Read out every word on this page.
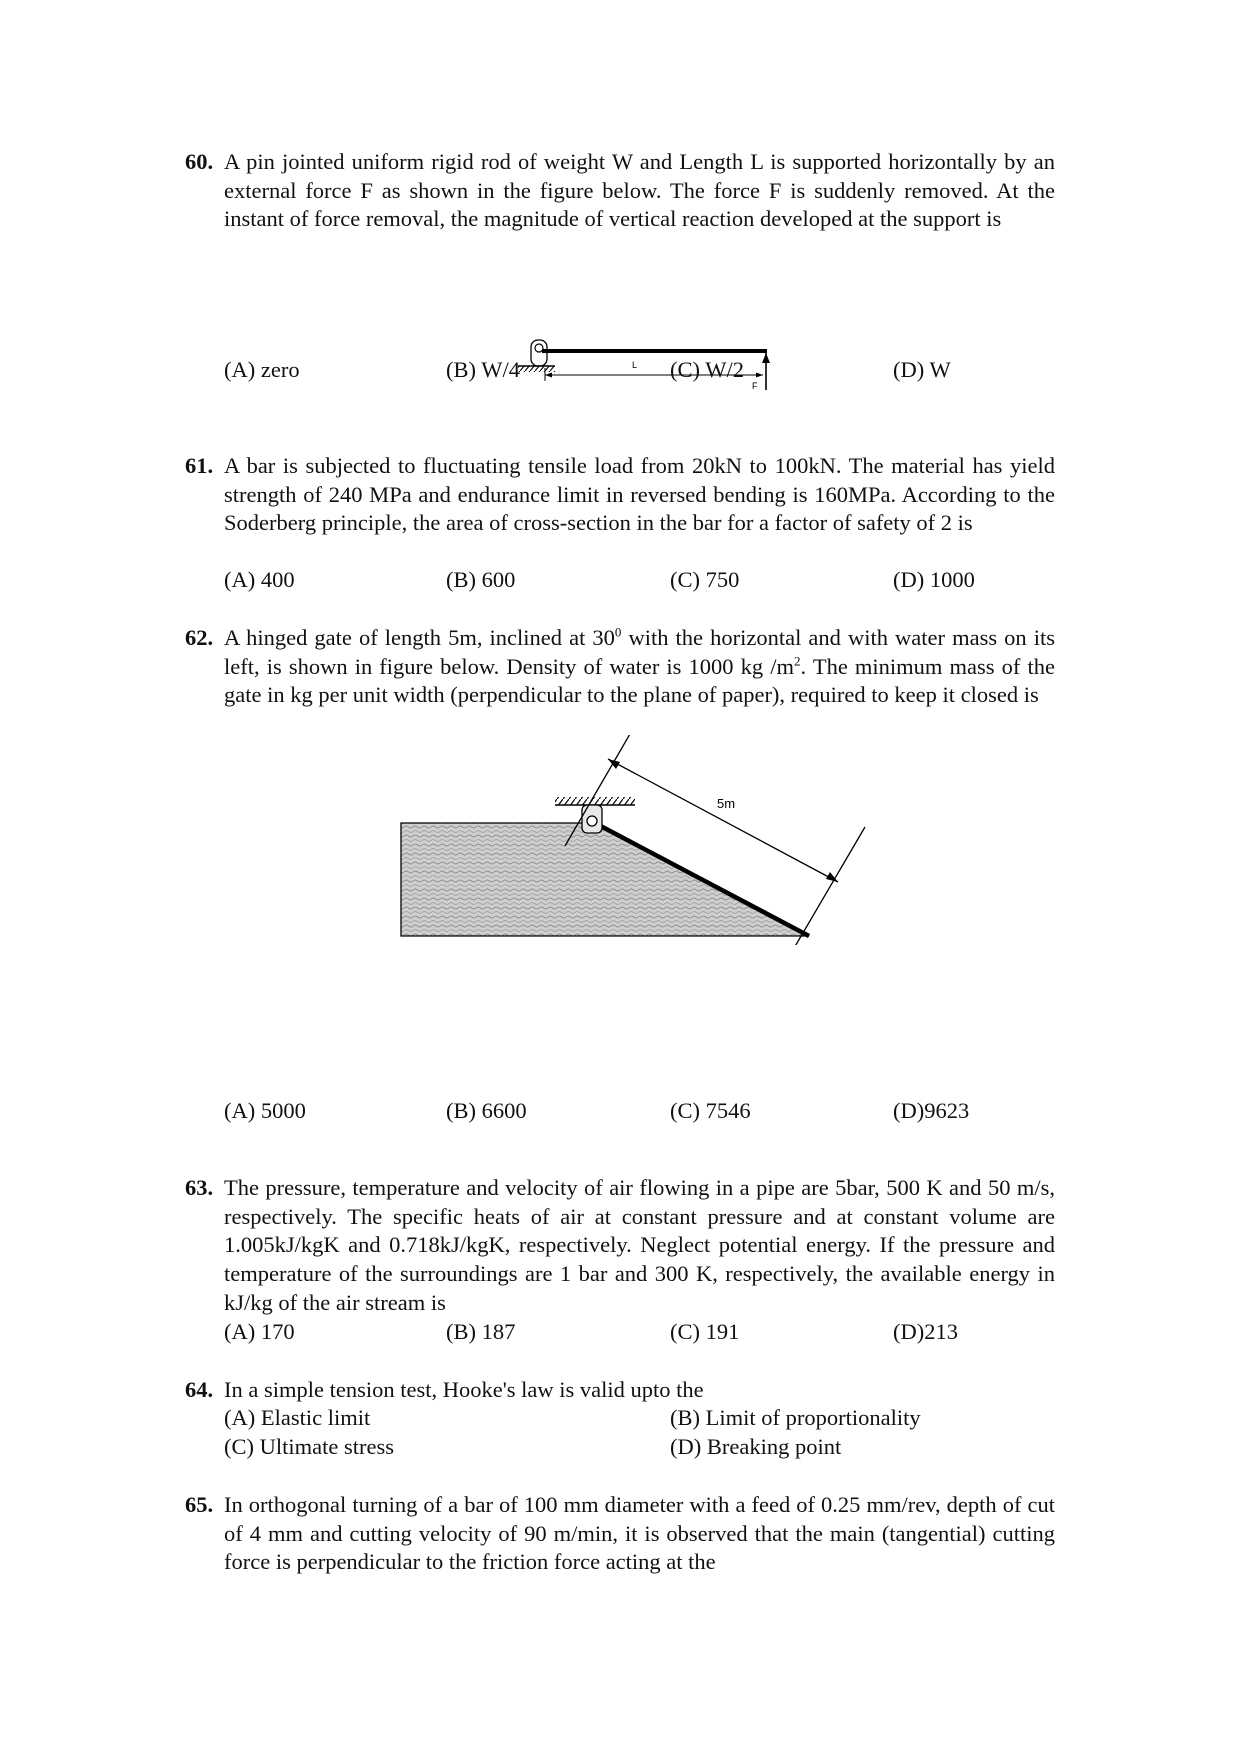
60. A pin jointed uniform rigid rod of weight W and Length L is supported horizontally by an external force F as shown in the figure below. The force F is suddenly removed. At the instant of force removal, the magnitude of vertical reaction developed at the support is
L
F
(A) zero	(B) W/4	(C) W/2	(D) W
61. A bar is subjected to fluctuating tensile load from 20kN to 100kN. The material has yield strength of 240 MPa and endurance limit in reversed bending is 160MPa. According to the Soderberg principle, the area of cross-section in the bar for a factor of safety of 2 is
(A) 400	(B) 600	(C) 750	(D) 1000
62. A hinged gate of length 5m, inclined at $30^0$ with the horizontal and with water mass on its left, is shown in figure below. Density of water is 1000 kg $/m^2$. The minimum mass of the gate in kg per unit width (perpendicular to the plane of paper), required to keep it closed is
5m
(A) 5000	(B) 6600	(C) 7546	(D)9623
63. The pressure, temperature and velocity of air flowing in a pipe are 5bar, 500 K and 50 m/s, respectively. The specific heats of air at constant pressure and at constant volume are 1.005kJ/kgK and 0.718kJ/kgK, respectively. Neglect potential energy. If the pressure and temperature of the surroundings are 1 bar and 300 K, respectively, the available energy in kJ/kg of the air stream is
(A) 170	(B) 187	(C) 191	(D)213
64. In a simple tension test, Hooke's law is valid upto the
(A) Elastic limit	(B) Limit of proportionality
(C) Ultimate stress	(D) Breaking point
65. In orthogonal turning of a bar of 100 mm diameter with a feed of 0.25 mm/rev, depth of cut of 4 mm and cutting velocity of 90 m/min, it is observed that the main (tangential) cutting force is perpendicular to the friction force acting at the
